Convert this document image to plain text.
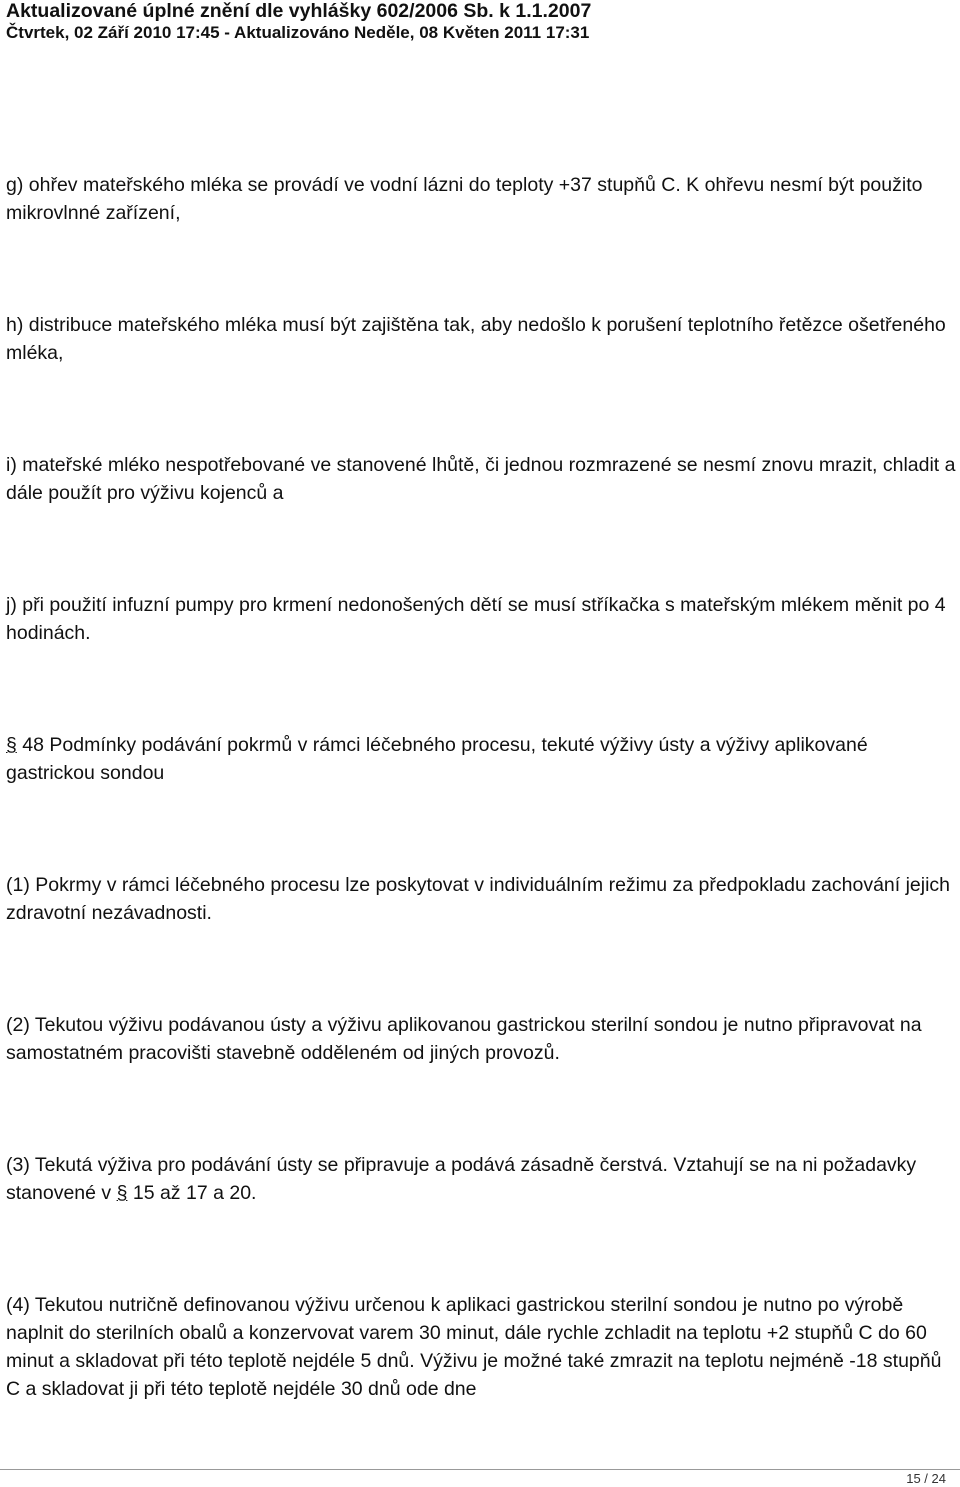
Aktualizované úplné znění dle vyhlášky 602/2006 Sb. k 1.1.2007
Čtvrtek, 02 Září 2010 17:45 - Aktualizováno Neděle, 08 Květen 2011 17:31

g) ohřev mateřského mléka se provádí ve vodní lázni do teploty +37 stupňů C. K ohřevu nesmí být použito mikrovlnné zařízení,

h) distribuce mateřského mléka musí být zajištěna tak, aby nedošlo k porušení teplotního řetězce ošetřeného mléka,

i) mateřské mléko nespotřebované ve stanovené lhůtě, či jednou rozmrazené se nesmí znovu mrazit, chladit a dále použít pro výživu kojenců a

j) při použití infuzní pumpy pro krmení nedonošených dětí se musí stříkačka s mateřským mlékem měnit po 4 hodinách.

§ 48 Podmínky podávání pokrmů v rámci léčebného procesu, tekuté výživy ústy a výživy aplikované gastrickou sondou

(1) Pokrmy v rámci léčebného procesu lze poskytovat v individuálním režimu za předpokladu zachování jejich zdravotní nezávadnosti.

(2) Tekutou výživu podávanou ústy a výživu aplikovanou gastrickou sterilní sondou je nutno připravovat na samostatném pracovišti stavebně odděleném od jiných provozů.

(3) Tekutá výživa pro podávání ústy se připravuje a podává zásadně čerstvá. Vztahují se na ni požadavky stanovené v § 15 až 17 a 20.

(4) Tekutou nutričně definovanou výživu určenou k aplikaci gastrickou sterilní sondou je nutno po výrobě naplnit do sterilních obalů a konzervovat varem 30 minut, dále rychle zchladit na teplotu +2 stupňů C do 60 minut a skladovat při této teplotě nejdéle 5 dnů. Výživu je možné také zmrazit na teplotu nejméně -18 stupňů C a skladovat ji při této teplotě nejdéle 30 dnů ode dne

15 / 24
